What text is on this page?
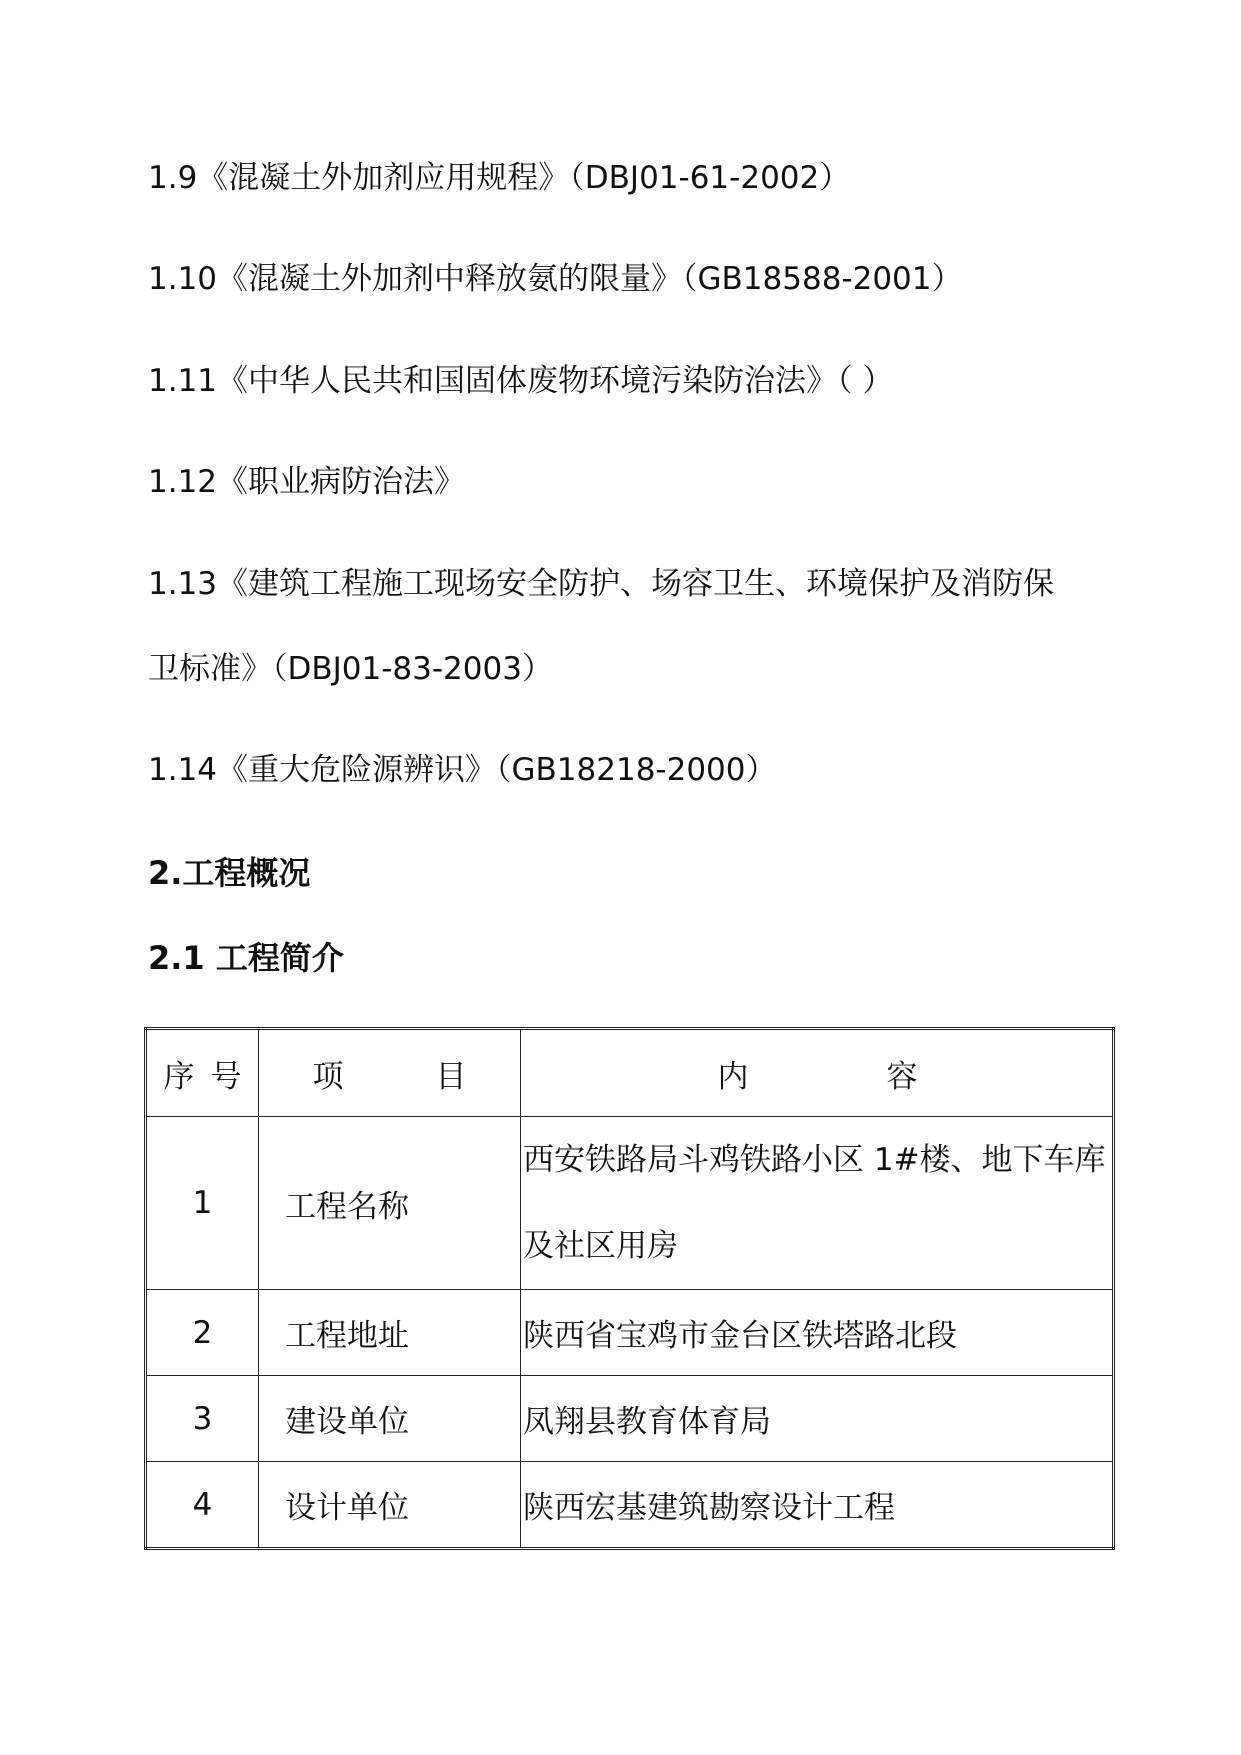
1.9《混凝土外加剂应用规程》（DBJ01-61-2002）
1.10《混凝土外加剂中释放氨的限量》（GB18588-2001）
1.11《中华人民共和国固体废物环境污染防治法》（ ）
1.12《职业病防治法》
1.13《建筑工程施工现场安全防护、场容卫生、环境保护及消防保
卫标准》（DBJ01-83-2003）
1.14《重大危险源辨识》（GB18218-2000）
2.工程概况
2.1 工程简介
序 号	项 目	内 容
1	工程名称	西安铁路局斗鸡铁路小区 1#楼、地下车库及社区用房
2	工程地址	陕西省宝鸡市金台区铁塔路北段
3	建设单位	凤翔县教育体育局
4	设计单位	陕西宏基建筑勘察设计工程
